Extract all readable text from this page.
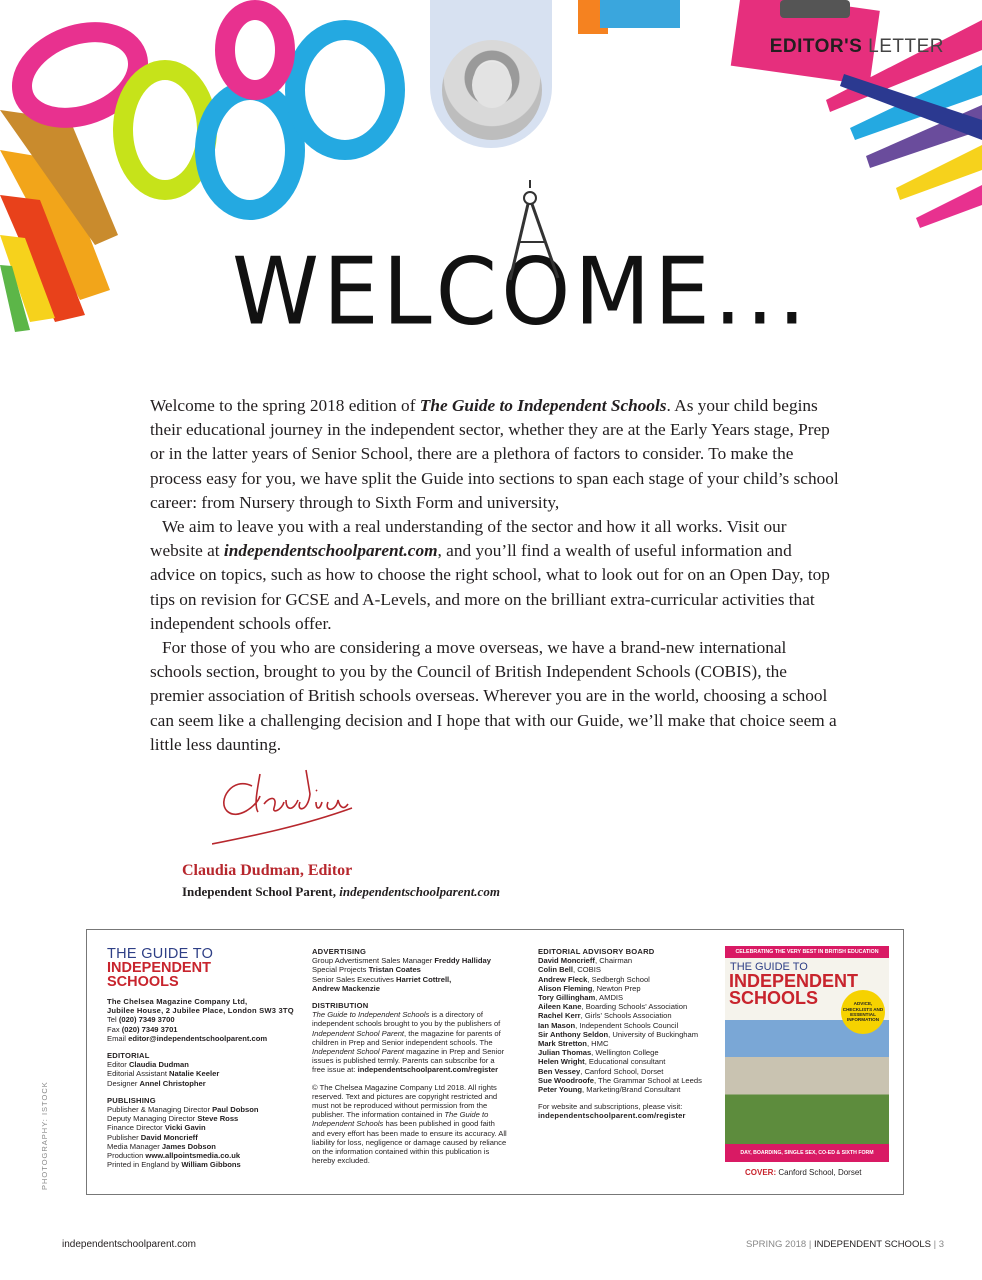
EDITOR'S LETTER
WELCOME...

Welcome to the spring 2018 edition of The Guide to Independent Schools. As your child begins their educational journey in the independent sector, whether they are at the Early Years stage, Prep or in the latter years of Senior School, there are a plethora of factors to consider. To make the process easy for you, we have split the Guide into sections to span each stage of your child’s school career: from Nursery through to Sixth Form and university,

We aim to leave you with a real understanding of the sector and how it all works. Visit our website at independentschoolparent.com, and you’ll find a wealth of useful information and advice on topics, such as how to choose the right school, what to look out for on an Open Day, top tips on revision for GCSE and A-Levels, and more on the brilliant extra-curricular activities that independent schools offer.

For those of you who are considering a move overseas, we have a brand-new international schools section, brought to you by the Council of British Independent Schools (COBIS), the premier association of British schools overseas. Wherever you are in the world, choosing a school can seem like a challenging decision and I hope that with our Guide, we’ll make that choice seem a little less daunting.

Claudia Dudman, Editor
Independent School Parent, independentschoolparent.com
THE GUIDE TO
INDEPENDENT
SCHOOLS
The Chelsea Magazine Company Ltd,
Jubilee House, 2 Jubilee Place, London SW3 3TQ
Tel (020) 7349 3700
Fax (020) 7349 3701
Email editor@independentschoolparent.com
EDITORIAL
Editor Claudia Dudman
Editorial Assistant Natalie Keeler
Designer Annel Christopher
PUBLISHING
Publisher & Managing Director Paul Dobson
Deputy Managing Director Steve Ross
Finance Director Vicki Gavin
Publisher David Moncrieff
Media Manager James Dobson
Production www.allpointsmedia.co.uk
Printed in England by William Gibbons
ADVERTISING
Group Advertisment Sales Manager Freddy Halliday
Special Projects Tristan Coates
Senior Sales Executives Harriet Cottrell,
Andrew Mackenzie
DISTRIBUTION
The Guide to Independent Schools is a directory of independent schools brought to you by the publishers of Independent School Parent, the magazine for parents of children in Prep and Senior independent schools. The Independent School Parent magazine in Prep and Senior issues is published termly. Parents can subscribe for a free issue at: independentschoolparent.com/register
© The Chelsea Magazine Company Ltd 2018. All rights reserved. Text and pictures are copyright restricted and must not be reproduced without permission from the publisher. The information contained in The Guide to Independent Schools has been published in good faith and every effort has been made to ensure its accuracy. All liability for loss, negligence or damage caused by reliance on the information contained within this publication is hereby excluded.
EDITORIAL ADVISORY BOARD
David Moncrieff, Chairman
Colin Bell, COBIS
Andrew Fleck, Sedbergh School
Alison Fleming, Newton Prep
Tory Gillingham, AMDIS
Aileen Kane, Boarding Schools' Association
Rachel Kerr, Girls' Schools Association
Ian Mason, Independent Schools Council
Sir Anthony Seldon, University of Buckingham
Mark Stretton, HMC
Julian Thomas, Wellington College
Helen Wright, Educational consultant
Ben Vessey, Canford School, Dorset
Sue Woodroofe, The Grammar School at Leeds
Peter Young, Marketing/Brand Consultant
For website and subscriptions, please visit:
independentschoolparent.com/register
CELEBRATING THE VERY BEST IN BRITISH EDUCATION
THE GUIDE TO
INDEPENDENT
SCHOOLS	ADVICE, CHECKLISTS AND ESSENTIAL INFORMATION
DAY, BOARDING, SINGLE SEX, CO-ED & SIXTH FORM
COVER: Canford School, Dorset
PHOTOGRAPHY: ISTOCK
independentschoolparent.com	SPRING 2018 | INDEPENDENT SCHOOLS | 3
